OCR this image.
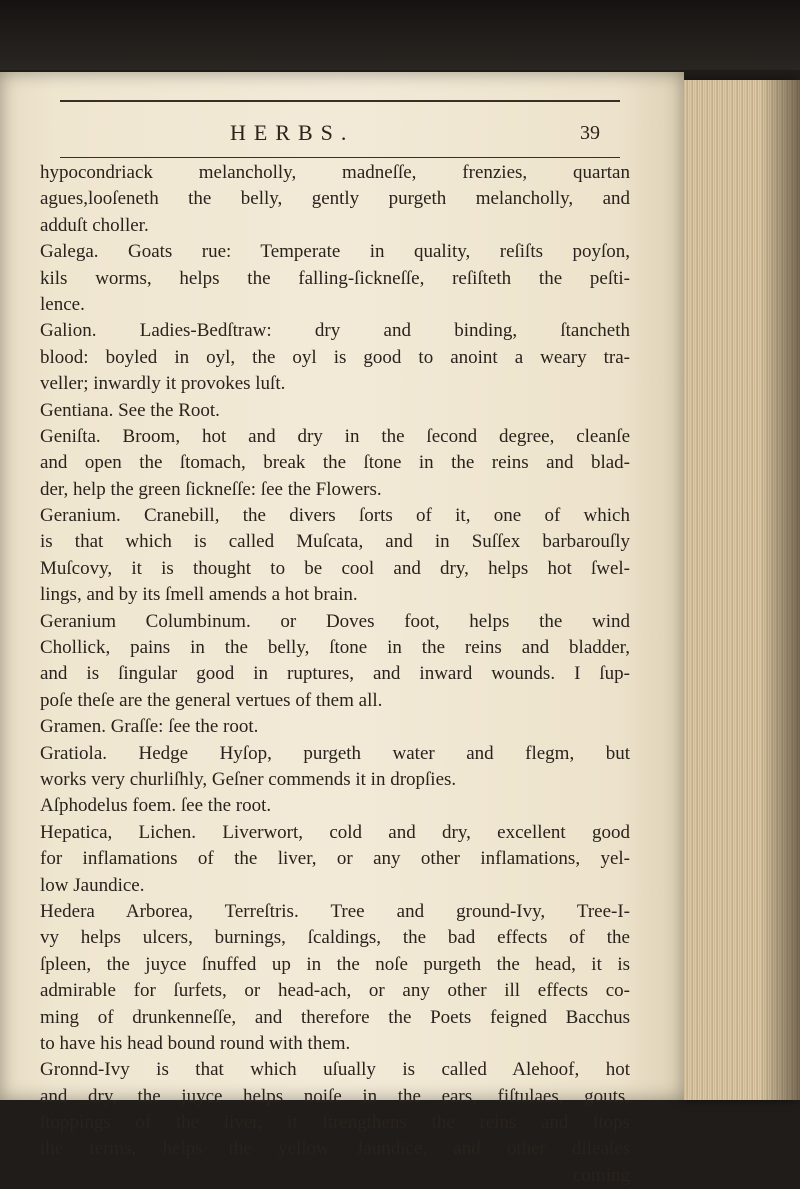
HERBS.	39
hypocondriack melancholly, madneſſe, frenzies, quartan
agues,looſeneth the belly, gently purgeth melancholly, and
adduſt choller.
Galega. Goats rue: Temperate in quality, reſiſts poyſon,
kils worms, helps the falling-ſickneſſe, reſiſteth the peſti-
lence.
Galion. Ladies-Bedſtraw: dry and binding, ſtancheth
blood: boyled in oyl, the oyl is good to anoint a weary tra-
veller; inwardly it provokes luſt.
Gentiana. See the Root.
Geniſta. Broom, hot and dry in the ſecond degree, cleanſe
and open the ſtomach, break the ſtone in the reins and blad-
der, help the green ſickneſſe: ſee the Flowers.
Geranium. Cranebill, the divers ſorts of it, one of which
is that which is called Muſcata, and in Suſſex barbarouſly
Muſcovy, it is thought to be cool and dry, helps hot ſwel-
lings, and by its ſmell amends a hot brain.
Geranium Columbinum. or Doves foot, helps the wind
Chollick, pains in the belly, ſtone in the reins and bladder,
and is ſingular good in ruptures, and inward wounds. I ſup-
poſe theſe are the general vertues of them all.
Gramen. Graſſe: ſee the root.
Gratiola. Hedge Hyſop, purgeth water and flegm, but
works very churliſhly, Geſner commends it in dropſies.
Aſphodelus foem. ſee the root.
Hepatica, Lichen. Liverwort, cold and dry, excellent good
for inflamations of the liver, or any other inflamations, yel-
low Jaundice.
Hedera Arborea, Terreſtris. Tree and ground-Ivy, Tree-I-
vy helps ulcers, burnings, ſcaldings, the bad effects of the
ſpleen, the juyce ſnuffed up in the noſe purgeth the head, it is
admirable for ſurfets, or head-ach, or any other ill effects co-
ming of drunkenneſſe, and therefore the Poets feigned Bacchus
to have his head bound round with them.
Gronnd-Ivy is that which uſually is called Alehoof, hot
and dry, the juyce helps noiſe in the ears, fiſtulaes, gouts,
ſtoppings of the liver, it ſtrengthens the reins and ſtops
the terms, helps the yellow Jaundice, and other diſeaſes
coming
